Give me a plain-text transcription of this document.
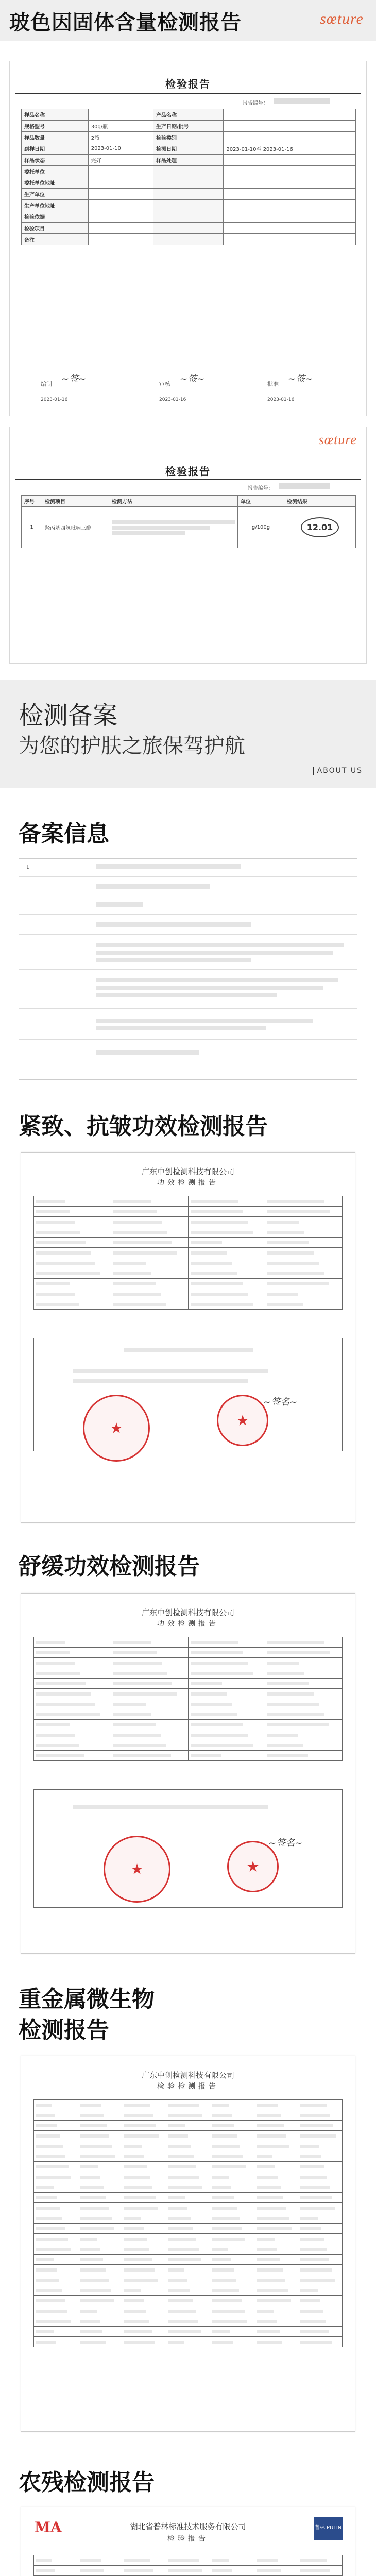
玻色因固体含量检测报告	sœture
检验报告
报告编号：
样品名称		产品名称	
规格型号	30g/瓶	生产日期/批号	
样品数量	2瓶	检验类别	
到样日期	2023-01-10	检测日期	2023-01-10至 2023-01-16
样品状态	完好	样品处理	
委托单位			
委托单位地址			
生产单位			
生产单位地址			
检验依据			
检验项目			
备注			
编制 ~签~	审核 ~签~	批准 ~签~
2023-01-16	2023-01-16	2023-01-16
sœture
检验报告
报告编号：
序号	检测项目	检测方法	单位	检测结果
1	羟丙基四氢吡喃三醇		g/100g	12.01
检测备案
为您的护肤之旅保驾护航
ABOUT US
备案信息
1
紧致、抗皱功效检测报告
广东中创检测科技有限公司
功效检测报告

★	★
~签名~
舒缓功效检测报告
广东中创检测科技有限公司
功效检测报告

★	★
~签名~
重金属微生物
检测报告
广东中创检测科技有限公司
检验检测报告

农残检测报告
MA	普林 PULIN
湖北省普林标准技术服务有限公司
检验报告
